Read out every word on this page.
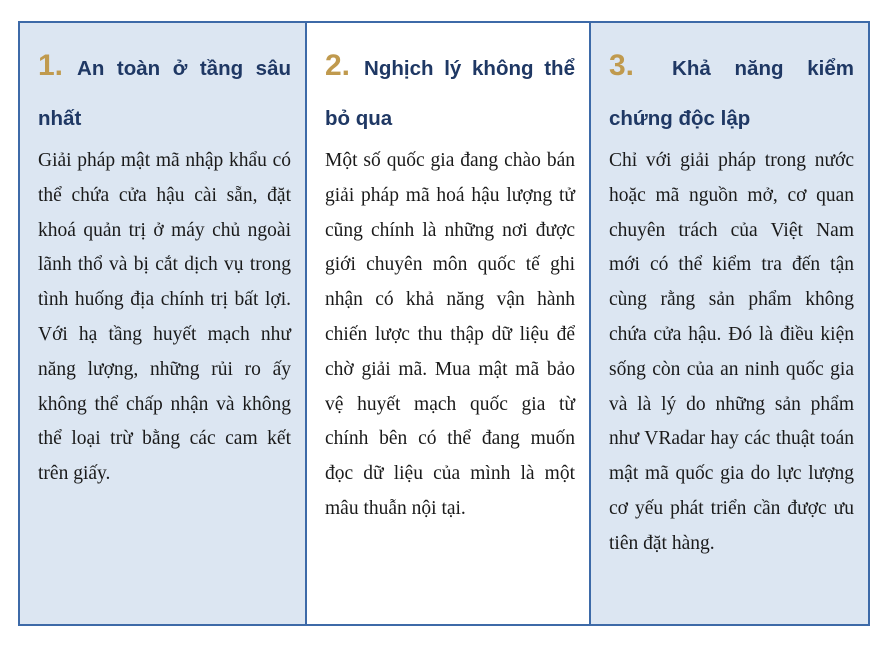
1. An toàn ở tầng sâu nhất

Giải pháp mật mã nhập khẩu có thể chứa cửa hậu cài sẵn, đặt khoá quản trị ở máy chủ ngoài lãnh thổ và bị cắt dịch vụ trong tình huống địa chính trị bất lợi. Với hạ tầng huyết mạch như năng lượng, những rủi ro ấy không thể chấp nhận và không thể loại trừ bằng các cam kết trên giấy.

2. Nghịch lý không thể bỏ qua

Một số quốc gia đang chào bán giải pháp mã hoá hậu lượng tử cũng chính là những nơi được giới chuyên môn quốc tế ghi nhận có khả năng vận hành chiến lược thu thập dữ liệu để chờ giải mã. Mua mật mã bảo vệ huyết mạch quốc gia từ chính bên có thể đang muốn đọc dữ liệu của mình là một mâu thuẫn nội tại.

3. Khả năng kiểm chứng độc lập

Chỉ với giải pháp trong nước hoặc mã nguồn mở, cơ quan chuyên trách của Việt Nam mới có thể kiểm tra đến tận cùng rằng sản phẩm không chứa cửa hậu. Đó là điều kiện sống còn của an ninh quốc gia và là lý do những sản phẩm như VRadar hay các thuật toán mật mã quốc gia do lực lượng cơ yếu phát triển cần được ưu tiên đặt hàng.
